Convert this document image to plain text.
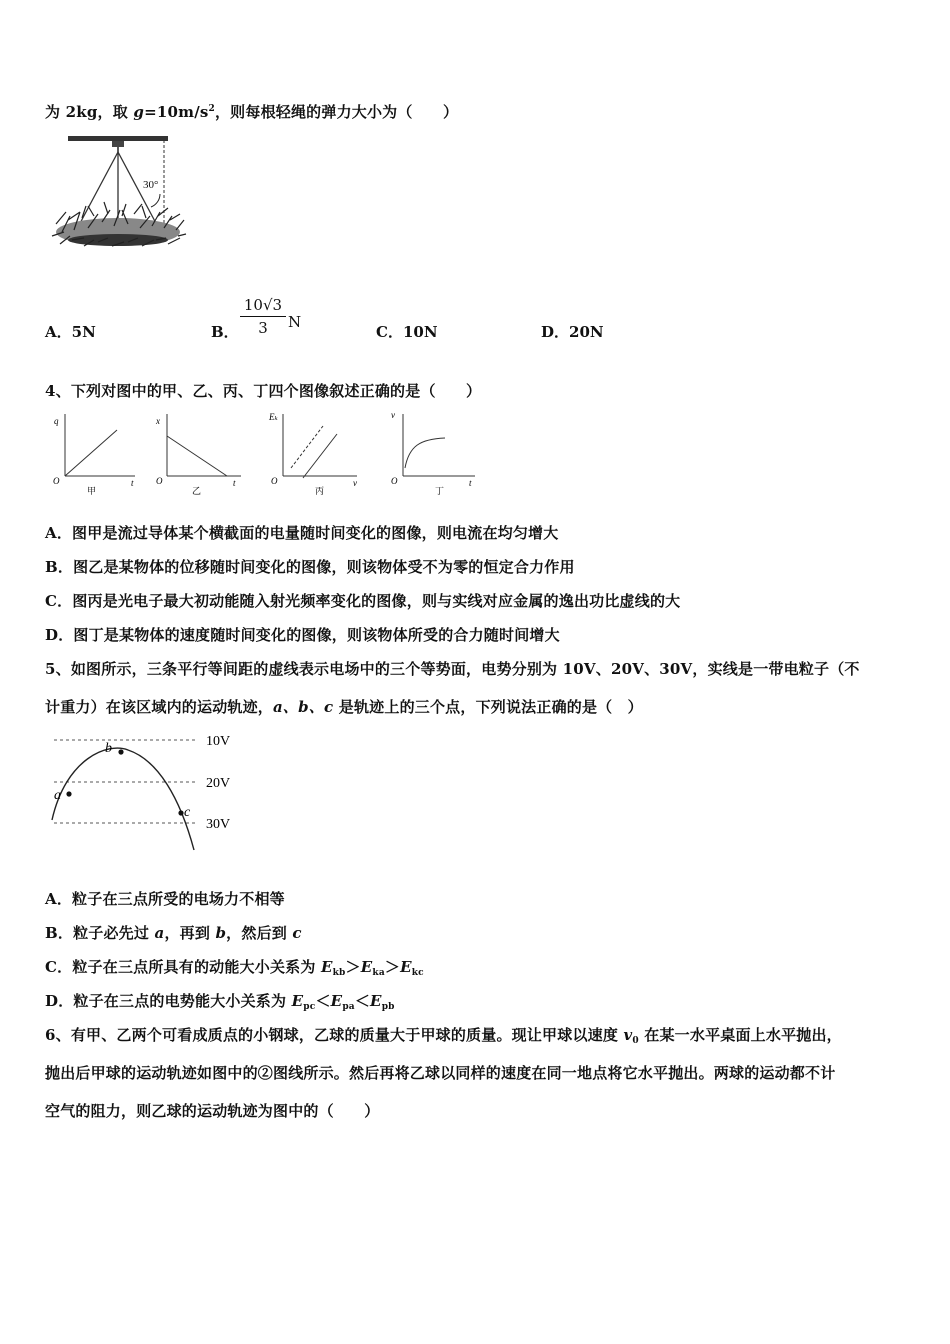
为 2kg，取 $g=10m/s^2$，则每根轻绳的弹力大小为（　　）
30°
A．5N	B． $\frac{10√3}{3}$ N
C．10N	D．20N
4、下列对图中的甲、乙、丙、丁四个图像叙述正确的是（　　）
q
t
O
甲
x
t
O
乙
Eₖ
ν
O
丙
v
t
O
丁
A．图甲是流过导体某个横截面的电量随时间变化的图像，则电流在均匀增大
B．图乙是某物体的位移随时间变化的图像，则该物体受不为零的恒定合力作用
C．图丙是光电子最大初动能随入射光频率变化的图像，则与实线对应金属的逸出功比虚线的大
D．图丁是某物体的速度随时间变化的图像，则该物体所受的合力随时间增大
5、如图所示，三条平行等间距的虚线表示电场中的三个等势面，电势分别为 10V、20V、30V，实线是一带电粒子（不
计重力）在该区域内的运动轨迹，a、b、c 是轨迹上的三个点，下列说法正确的是（　）
10V
20V
30V
a
b
c
A．粒子在三点所受的电场力不相等
B．粒子必先过 a，再到 b，然后到 c
C．粒子在三点所具有的动能大小关系为 $E_{kb}>E_{ka}>E_{kc}$
D．粒子在三点的电势能大小关系为 $E_{pc}<E_{pa}<E_{pb}$
6、有甲、乙两个可看成质点的小钢球，乙球的质量大于甲球的质量。现让甲球以速度 $v_0$ 在某一水平桌面上水平抛出，
抛出后甲球的运动轨迹如图中的②图线所示。然后再将乙球以同样的速度在同一地点将它水平抛出。两球的运动都不计
空气的阻力，则乙球的运动轨迹为图中的（　　）
